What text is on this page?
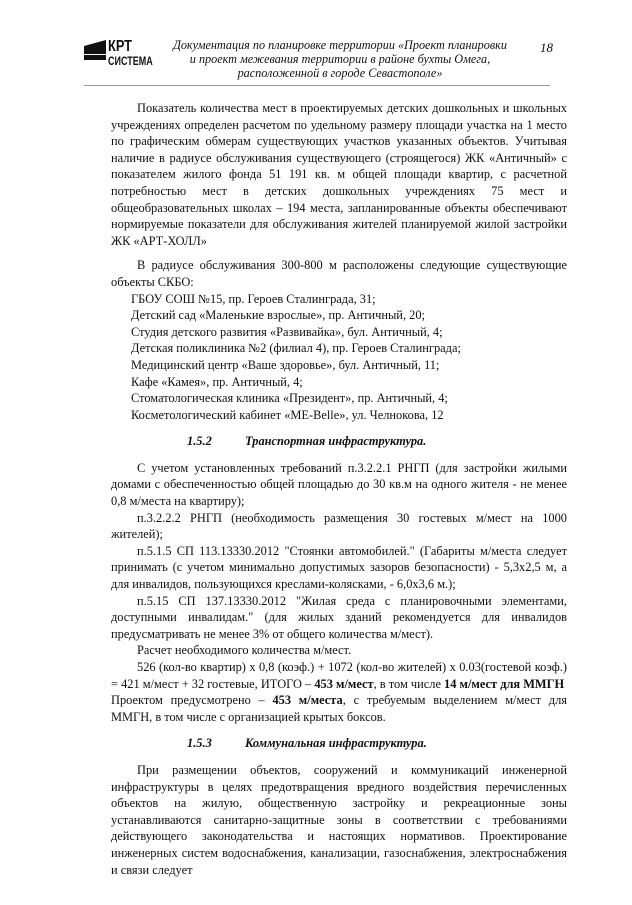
КРТ
СИСТЕМА
Документация по планировке территории «Проект планировки
и проект межевания территории в районе бухты Омега,
расположенной в городе Севастополе»
18

Показатель количества мест в проектируемых детских дошкольных и школьных учреждениях определен расчетом по удельному размеру площади участка на 1 место по графическим обмерам существующих участков указанных объектов. Учитывая наличие в радиусе обслуживания существующего (строящегося) ЖК «Античный» с показателем жилого фонда 51 191 кв. м общей площади квартир, с расчетной потребностью мест в детских дошкольных учреждениях 75 мест и общеобразовательных школах – 194 места, запланированные объекты обеспечивают нормируемые показатели для обслуживания жителей планируемой жилой застройки ЖК «АРТ-ХОЛЛ»

В радиусе обслуживания 300-800 м расположены следующие существующие объекты СКБО:

ГБОУ СОШ №15, пр. Героев Сталинграда, 31;

Детский сад «Маленькие взрослые», пр. Античный, 20;

Студия детского развития «Развивайка», бул. Античный, 4;

Детская поликлиника №2 (филиал 4), пр. Героев Сталинграда;

Медицинский центр «Ваше здоровье», бул. Античный, 11;

Кафе «Камея», пр. Античный, 4;

Стоматологическая клиника «Президент», пр. Античный, 4;

Косметологический кабинет «ME-Belle», ул. Челнокова, 12

1.5.2	Транспортная инфраструктура.

С учетом установленных требований п.3.2.2.1 РНГП (для застройки жилыми домами с обеспеченностью общей площадью до 30 кв.м на одного жителя - не менее 0,8 м/места на квартиру);

п.3.2.2.2 РНГП (необходимость размещения 30 гостевых м/мест на 1000 жителей);

п.5.1.5 СП 113.13330.2012 "Стоянки автомобилей." (Габариты м/места следует принимать (с учетом минимально допустимых зазоров безопасности) - 5,3х2,5 м, а для инвалидов, пользующихся креслами-колясками, - 6,0х3,6 м.);

п.5.15 СП 137.13330.2012 "Жилая среда с планировочными элементами, доступными инвалидам." (для жилых зданий рекомендуется для инвалидов предусматривать не менее 3% от общего количества м/мест).

Расчет необходимого количества м/мест.

526 (кол-во квартир) х 0,8 (коэф.) + 1072 (кол-во жителей) х 0.03(гостевой коэф.) = 421 м/мест + 32 гостевые, ИТОГО – 453 м/мест, в том числе 14 м/мест для ММГН

Проектом предусмотрено – 453 м/места, с требуемым выделением м/мест для ММГН, в том числе с организацией крытых боксов.

1.5.3	Коммунальная инфраструктура.

При размещении объектов, сооружений и коммуникаций инженерной инфраструктуры в целях предотвращения вредного воздействия перечисленных объектов на жилую, общественную застройку и рекреационные зоны устанавливаются санитарно-защитные зоны в соответствии с требованиями действующего законодательства и настоящих нормативов. Проектирование инженерных систем водоснабжения, канализации, газоснабжения, электроснабжения и связи следует
